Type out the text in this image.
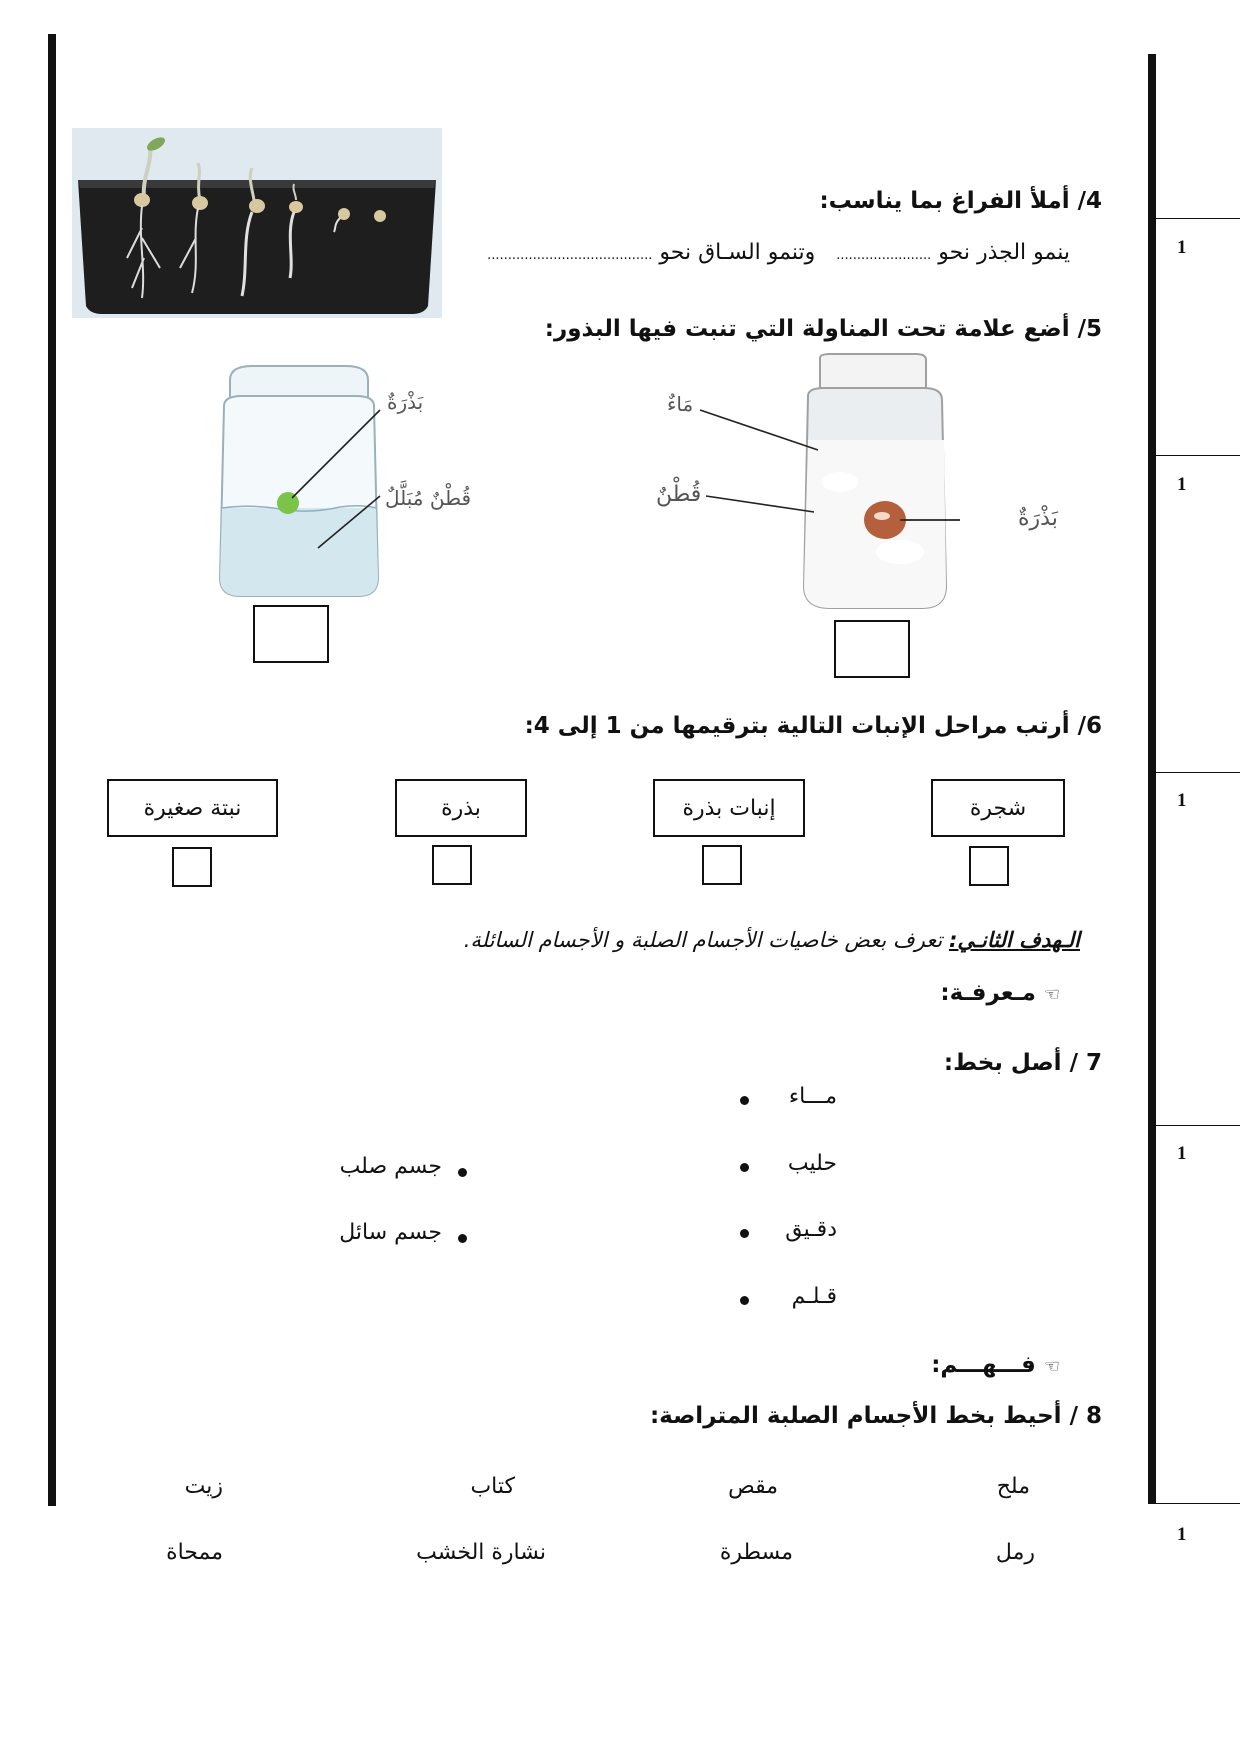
1
1
1
1
1
4/ أملأ الفراغ بما يناسب:
ينمو الجذر نحو ....................... وتنمو السـاق نحو ........................................
5/ أضع علامة تحت المناولة التي تنبت فيها البذور:
بَذْرَةٌ
قُطْنٌ مُبَلَّلٌ
مَاءٌ
قُطْنٌ
بَذْرَةٌ
6/ أرتب مراحل الإنبات التالية بترقيمها من 1 إلى 4:
شجرة
إنبات بذرة
بذرة
نبتة صغيرة
الـهدف الثانـي: تعرف بعض خاصيات الأجسام الصلبة و الأجسام السائلة.
☜ مـعرفـة:
7 / أصل بخط:
مـــاء
حليب
دقـيق
قـلـم
جسم صلب
جسم سائل
☜ فـــهـــم:
8 / أحيط بخط الأجسام الصلبة المتراصة:
ملح
مقص
كتاب
زيت
رمل
مسطرة
نشارة الخشب
ممحاة
